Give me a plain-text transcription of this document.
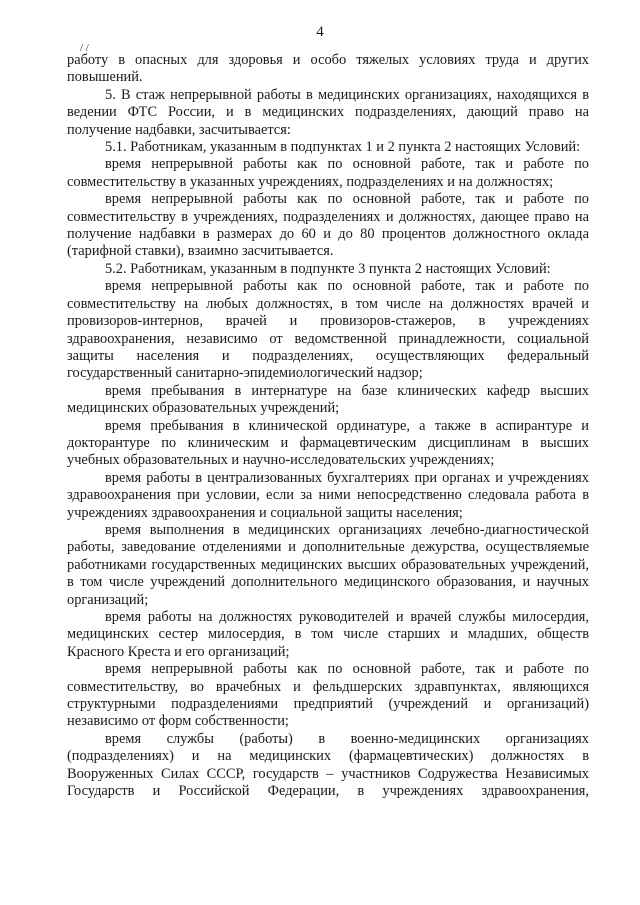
4
/ /

работу в опасных для здоровья и особо тяжелых условиях труда и других повышений.

5. В стаж непрерывной работы в медицинских организациях, находящихся в ведении ФТС России, и в медицинских подразделениях, дающий право на получение надбавки, засчитывается:

5.1. Работникам, указанным в подпунктах 1 и 2 пункта 2 настоящих Условий:

время непрерывной работы как по основной работе, так и работе по совместительству в указанных учреждениях, подразделениях и на должностях;

время непрерывной работы как по основной работе, так и работе по совместительству в учреждениях, подразделениях и должностях, дающее право на получение надбавки в размерах до 60 и до 80 процентов должностного оклада (тарифной ставки), взаимно засчитывается.

5.2. Работникам, указанным в подпункте 3 пункта 2 настоящих Условий:

время непрерывной работы как по основной работе, так и работе по совместительству на любых должностях, в том числе на должностях врачей и провизоров-интернов, врачей и провизоров-стажеров, в учреждениях здравоохранения, независимо от ведомственной принадлежности, социальной защиты населения и подразделениях, осуществляющих федеральный государственный санитарно-эпидемиологический надзор;

время пребывания в интернатуре на базе клинических кафедр высших медицинских образовательных учреждений;

время пребывания в клинической ординатуре, а также в аспирантуре и докторантуре по клиническим и фармацевтическим дисциплинам в высших учебных образовательных и научно-исследовательских учреждениях;

время работы в централизованных бухгалтериях при органах и учреждениях здравоохранения при условии, если за ними непосредственно следовала работа в учреждениях здравоохранения и социальной защиты населения;

время выполнения в медицинских организациях лечебно-диагностической работы, заведование отделениями и дополнительные дежурства, осуществляемые работниками государственных медицинских высших образовательных учреждений, в том числе учреждений дополнительного медицинского образования, и научных организаций;

время работы на должностях руководителей и врачей службы милосердия, медицинских сестер милосердия, в том числе старших и младших, обществ Красного Креста и его организаций;

время непрерывной работы как по основной работе, так и работе по совместительству, во врачебных и фельдшерских здравпунктах, являющихся структурными подразделениями предприятий (учреждений и организаций) независимо от форм собственности;

время службы (работы) в военно-медицинских организациях (подразделениях) и на медицинских (фармацевтических) должностях в Вооруженных Силах СССР, государств – участников Содружества Независимых Государств и Российской Федерации, в учреждениях здравоохранения,
